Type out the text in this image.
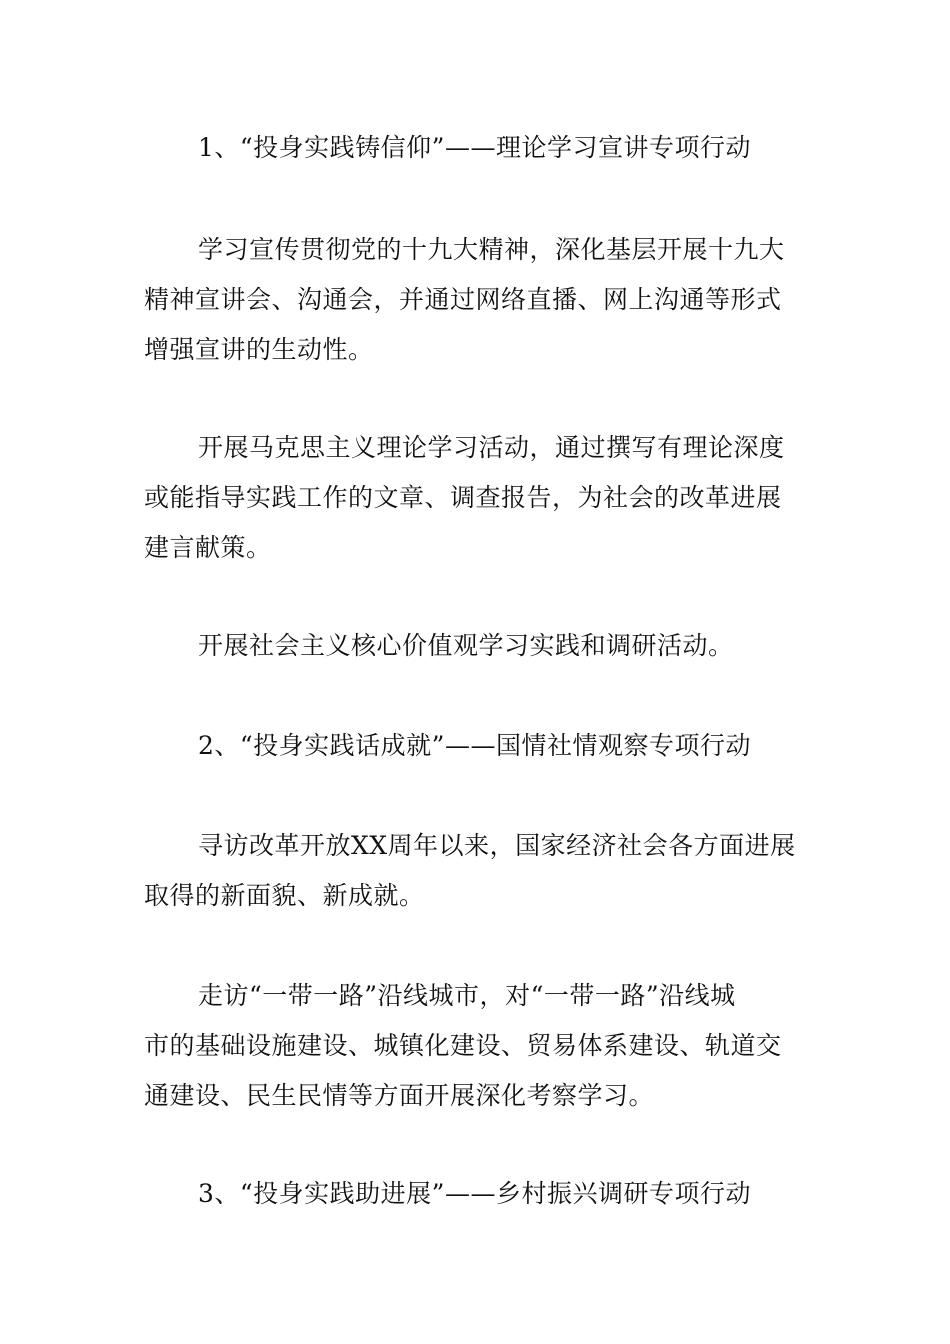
1、“投身实践铸信仰”——理论学习宣讲专项行动
学习宣传贯彻党的十九大精神，深化基层开展十九大
精神宣讲会、沟通会，并通过网络直播、网上沟通等形式
增强宣讲的生动性。
开展马克思主义理论学习活动，通过撰写有理论深度
或能指导实践工作的文章、调查报告，为社会的改革进展
建言献策。
开展社会主义核心价值观学习实践和调研活动。
2、“投身实践话成就”——国情社情观察专项行动
寻访改革开放XX周年以来，国家经济社会各方面进展
取得的新面貌、新成就。
走访“一带一路”沿线城市，对“一带一路”沿线城
市的基础设施建设、城镇化建设、贸易体系建设、轨道交
通建设、民生民情等方面开展深化考察学习。
3、“投身实践助进展”——乡村振兴调研专项行动
